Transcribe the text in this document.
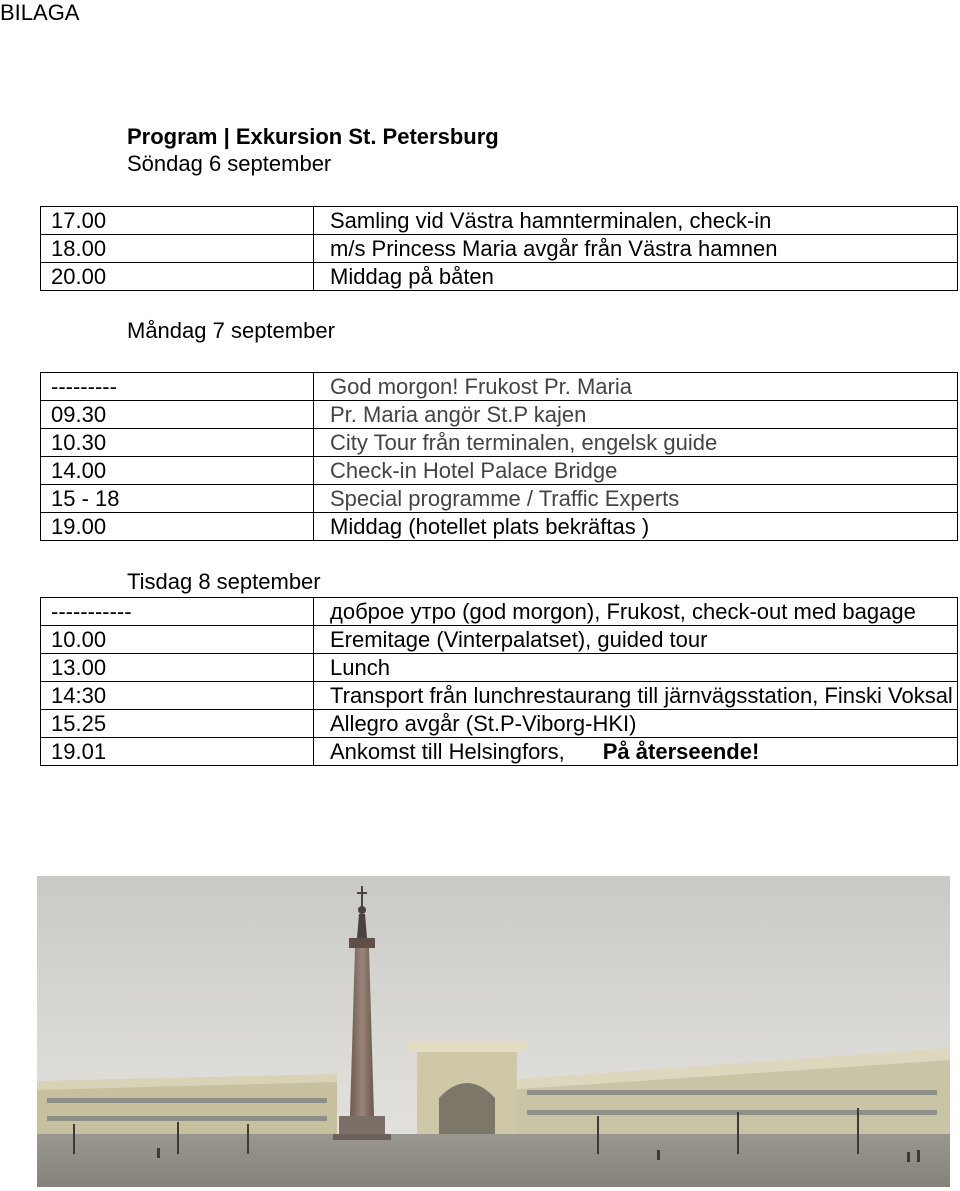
BILAGA
Program | Exkursion St. Petersburg
Söndag 6 september
17.00	Samling vid Västra hamnterminalen, check-in
18.00	m/s Princess Maria avgår från Västra hamnen
20.00	Middag på båten
Måndag 7 september
---------	God morgon! Frukost Pr. Maria
09.30	Pr. Maria angör St.P kajen
10.30	City Tour från terminalen, engelsk guide
14.00	Check-in Hotel Palace Bridge
15 - 18	Special programme / Traffic Experts
19.00	Middag (hotellet plats bekräftas )
Tisdag 8 september
-----------	доброе утро (god morgon), Frukost, check-out med bagage
10.00	Eremitage (Vinterpalatset), guided tour
13.00	Lunch
14:30	Transport från lunchrestaurang till järnvägsstation, Finski Voksal
15.25	Allegro avgår (St.P-Viborg-HKI)
19.01	Ankomst till Helsingfors, På återseende!
